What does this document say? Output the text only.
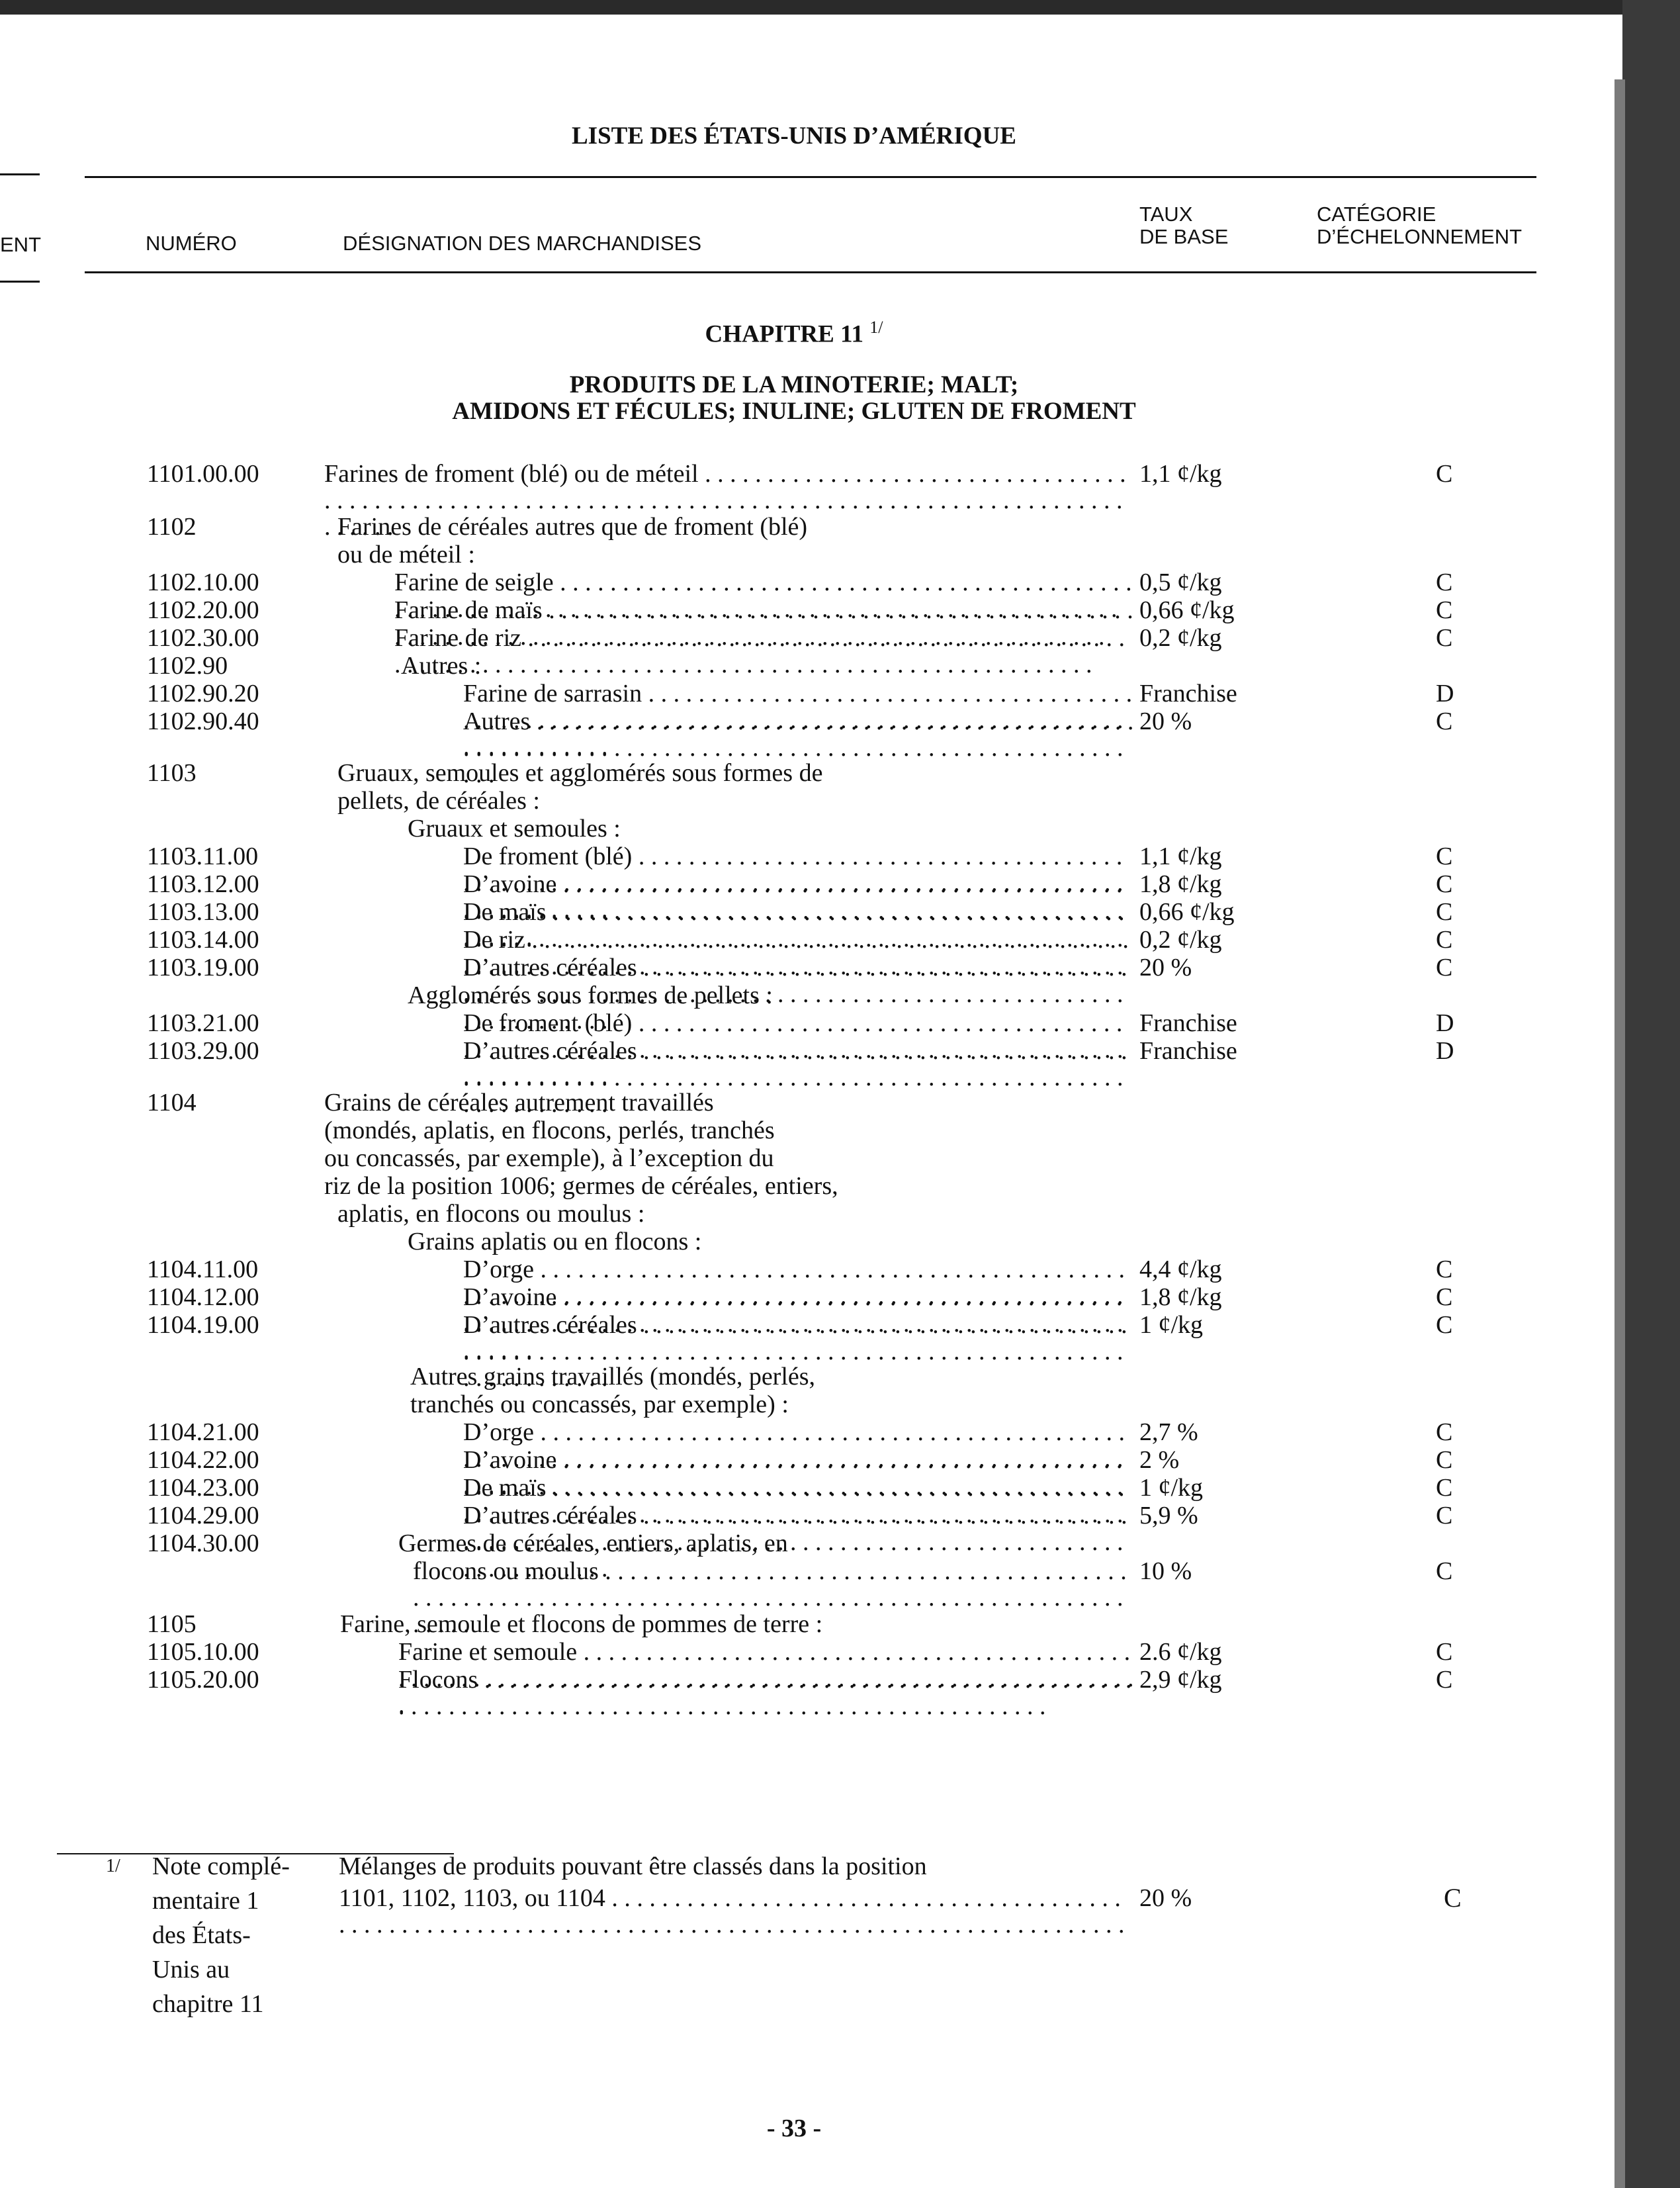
LISTE DES ÉTATS-UNIS D’AMÉRIQUE
ENT	NUMÉRO	DÉSIGNATION DES MARCHANDISES
TAUX
DE BASE
CATÉGORIE
D’ÉCHELONNEMENT
CHAPITRE 11 $^{1/}$
PRODUITS DE LA MINOTERIE; MALT;
AMIDONS ET FÉCULES; INULINE; GLUTEN DE FROMENT
1101.00.00	Farines de froment (blé) ou de méteil . . .	1,1 ¢/kg	C
1102	Farines de céréales autres que de froment (blé)
ou de méteil :
1102.10.00	Farine de seigle . . .	0,5 ¢/kg	C
1102.20.00	Farine de maïs . . .	0,66 ¢/kg	C
1102.30.00	Farine de riz . . .	0,2 ¢/kg	C
1102.90	Autres :
1102.90.20	Farine de sarrasin . . .	Franchise	D
1102.90.40	Autres . . .	20 %	C
1103	Gruaux, semoules et agglomérés sous formes de
pellets, de céréales :
Gruaux et semoules :
1103.11.00	De froment (blé) . . .	1,1 ¢/kg	C
1103.12.00	D’avoine . . .	1,8 ¢/kg	C
1103.13.00	De maïs . . .	0,66 ¢/kg	C
1103.14.00	De riz . . .	0,2 ¢/kg	C
1103.19.00	D’autres céréales . . .	20 %	C
Agglomérés sous formes de pellets :
1103.21.00	De froment (blé) . . .	Franchise	D
1103.29.00	D’autres céréales . . .	Franchise	D
1104	Grains de céréales autrement travaillés
(mondés, aplatis, en flocons, perlés, tranchés
ou concassés, par exemple), à l’exception du
riz de la position 1006; germes de céréales, entiers,
aplatis, en flocons ou moulus :
Grains aplatis ou en flocons :
1104.11.00	D’orge . . .	4,4 ¢/kg	C
1104.12.00	D’avoine . . .	1,8 ¢/kg	C
1104.19.00	D’autres céréales . . .	1 ¢/kg	C
Autres grains travaillés (mondés, perlés,
tranchés ou concassés, par exemple) :
1104.21.00	D’orge . . .	2,7 %	C
1104.22.00	D’avoine . . .	2 %	C
1104.23.00	De maïs . . .	1 ¢/kg	C
1104.29.00	D’autres céréales . . .	5,9 %	C
1104.30.00	Germes de céréales, entiers, aplatis, en
flocons ou moulus . . .	10 %	C
1105	Farine, semoule et flocons de pommes de terre :
1105.10.00	Farine et semoule . . .	2.6 ¢/kg	C
1105.20.00	Flocons . . .	2,9 ¢/kg	C
1/ Note complé-
mentaire 1
des États-
Unis au
chapitre 11
Mélanges de produits pouvant être classés dans la position
1101, 1102, 1103, ou 1104 . . .	20 %	C
- 33 -
